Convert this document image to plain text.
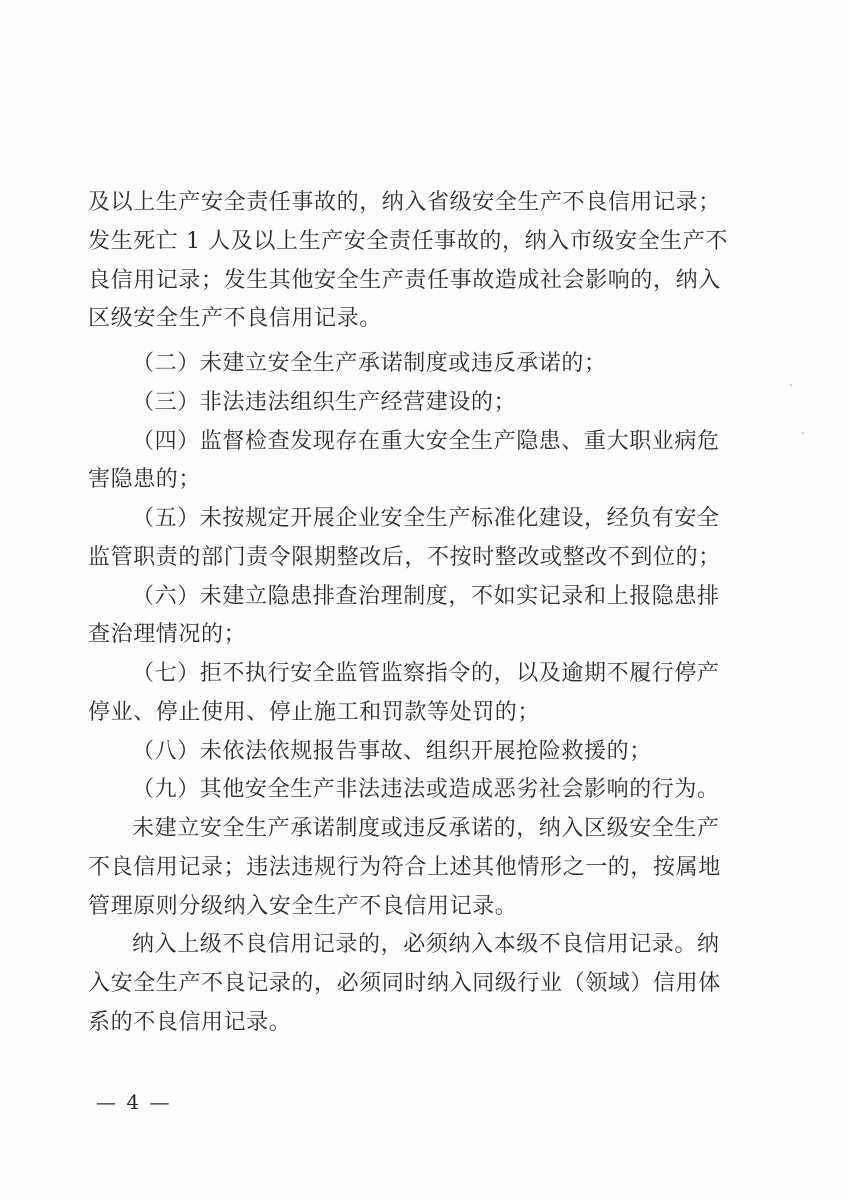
及以上生产安全责任事故的，纳入省级安全生产不良信用记录；
发生死亡 1 人及以上生产安全责任事故的，纳入市级安全生产不
良信用记录；发生其他安全生产责任事故造成社会影响的，纳入
区级安全生产不良信用记录。
（二）未建立安全生产承诺制度或违反承诺的；
（三）非法违法组织生产经营建设的；
（四）监督检查发现存在重大安全生产隐患、重大职业病危
害隐患的；
（五）未按规定开展企业安全生产标准化建设，经负有安全
监管职责的部门责令限期整改后，不按时整改或整改不到位的；
（六）未建立隐患排查治理制度，不如实记录和上报隐患排
查治理情况的；
（七）拒不执行安全监管监察指令的，以及逾期不履行停产
停业、停止使用、停止施工和罚款等处罚的；
（八）未依法依规报告事故、组织开展抢险救援的；
（九）其他安全生产非法违法或造成恶劣社会影响的行为。
未建立安全生产承诺制度或违反承诺的，纳入区级安全生产
不良信用记录；违法违规行为符合上述其他情形之一的，按属地
管理原则分级纳入安全生产不良信用记录。
纳入上级不良信用记录的，必须纳入本级不良信用记录。纳
入安全生产不良记录的，必须同时纳入同级行业（领域）信用体
系的不良信用记录。
— 4 —
